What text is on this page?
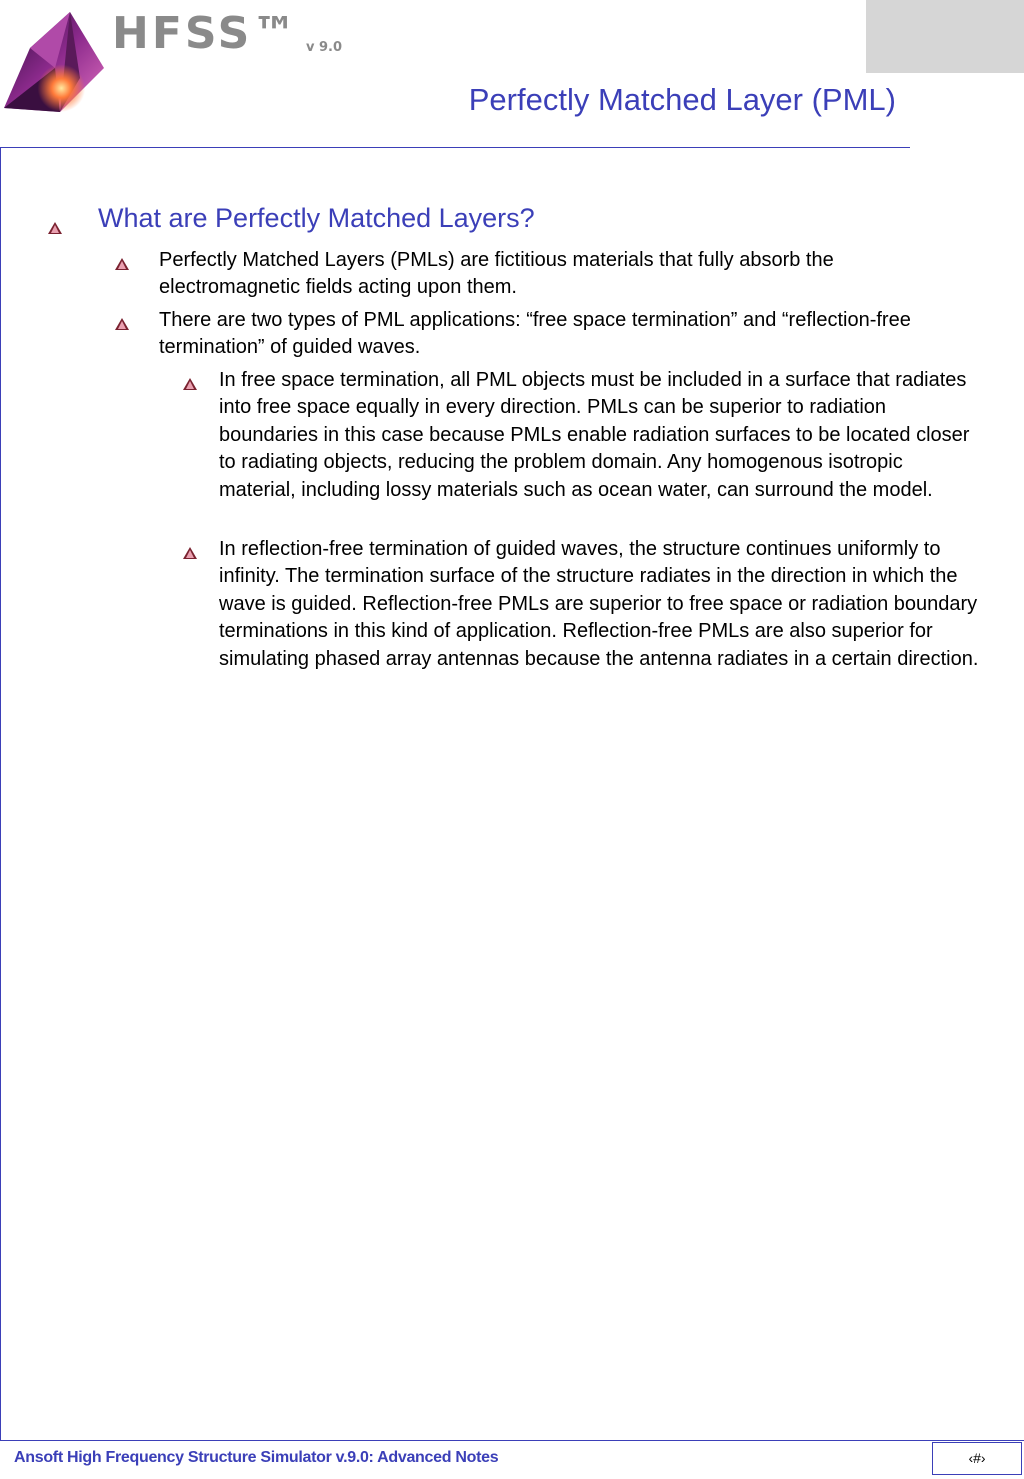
HFSS™ v 9.0
Perfectly Matched Layer (PML)
What are Perfectly Matched Layers?
Perfectly Matched Layers (PMLs) are fictitious materials that fully absorb the electromagnetic fields acting upon them.
There are two types of PML applications: “free space termination” and “reflection-free termination” of guided waves.
In free space termination, all PML objects must be included in a surface that radiates into free space equally in every direction. PMLs can be superior to radiation boundaries in this case because PMLs enable radiation surfaces to be located closer to radiating objects, reducing the problem domain. Any homogenous isotropic material, including lossy materials such as ocean water, can surround the model.
In reflection-free termination of guided waves, the structure continues uniformly to infinity. The termination surface of the structure radiates in the direction in which the wave is guided. Reflection-free PMLs are superior to free space or radiation boundary terminations in this kind of application. Reflection-free PMLs are also superior for simulating phased array antennas because the antenna radiates in a certain direction.
Ansoft High Frequency Structure Simulator v.9.0: Advanced Notes	‹#›
